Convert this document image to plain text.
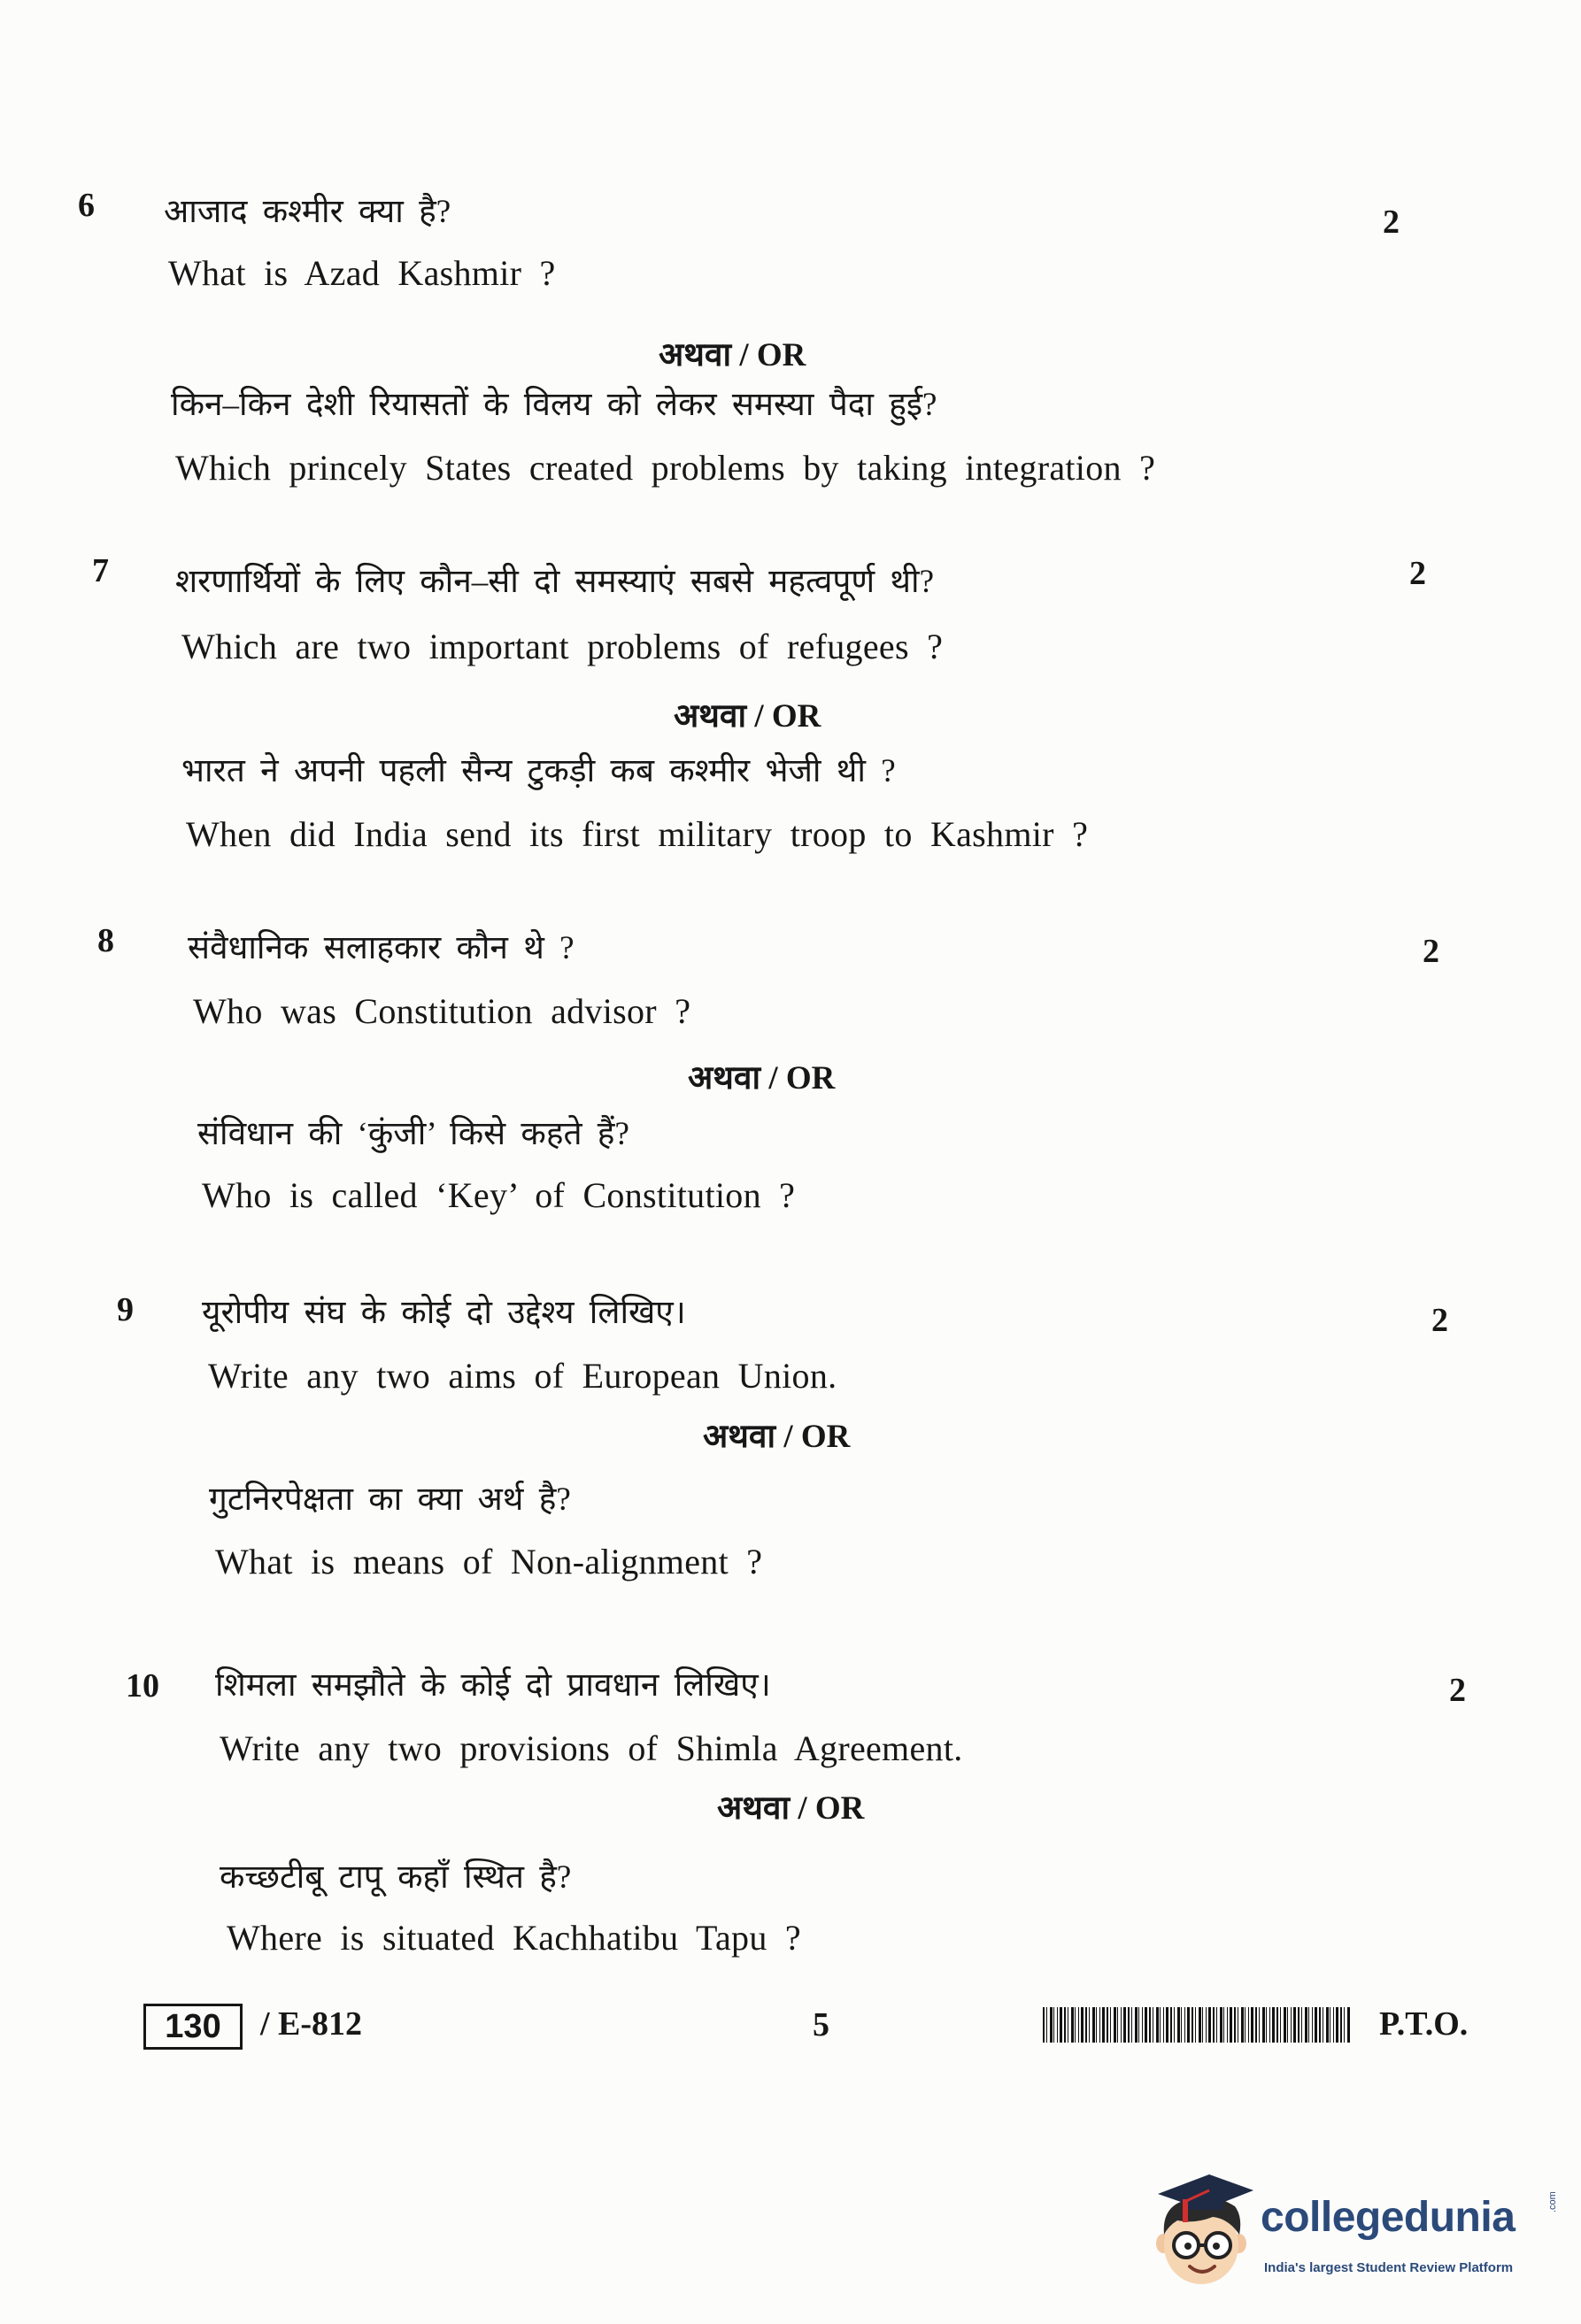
6 आजाद कश्मीर क्या है?
What is Azad Kashmir ?
अथवा / OR
किन–किन देशी रियासतों के विलय को लेकर समस्या पैदा हुई?
Which princely States created problems by taking integration ?
2
7 शरणार्थियों के लिए कौन–सी दो समस्याएं सबसे महत्वपूर्ण थी?
Which are two important problems of refugees ?
अथवा / OR
भारत ने अपनी पहली सैन्य टुकड़ी कब कश्मीर भेजी थी ?
When did India send its first military troop to Kashmir ?
2
8 संवैधानिक सलाहकार कौन थे ?
Who was Constitution advisor ?
अथवा / OR
संविधान की ‘कुंजी’ किसे कहते हैं?
Who is called ‘Key’ of Constitution ?
2
9 यूरोपीय संघ के कोई दो उद्देश्य लिखिए।
Write any two aims of European Union.
अथवा / OR
गुटनिरपेक्षता का क्या अर्थ है?
What is means of Non-alignment ?
2
10 शिमला समझौते के कोई दो प्रावधान लिखिए।
Write any two provisions of Shimla Agreement.
अथवा / OR
कच्छटीबू टापू कहाँ स्थित है?
Where is situated Kachhatibu Tapu ?
2
130	/ E-812	5	P.T.O.
collegedunia	.com
India's largest Student Review Platform
